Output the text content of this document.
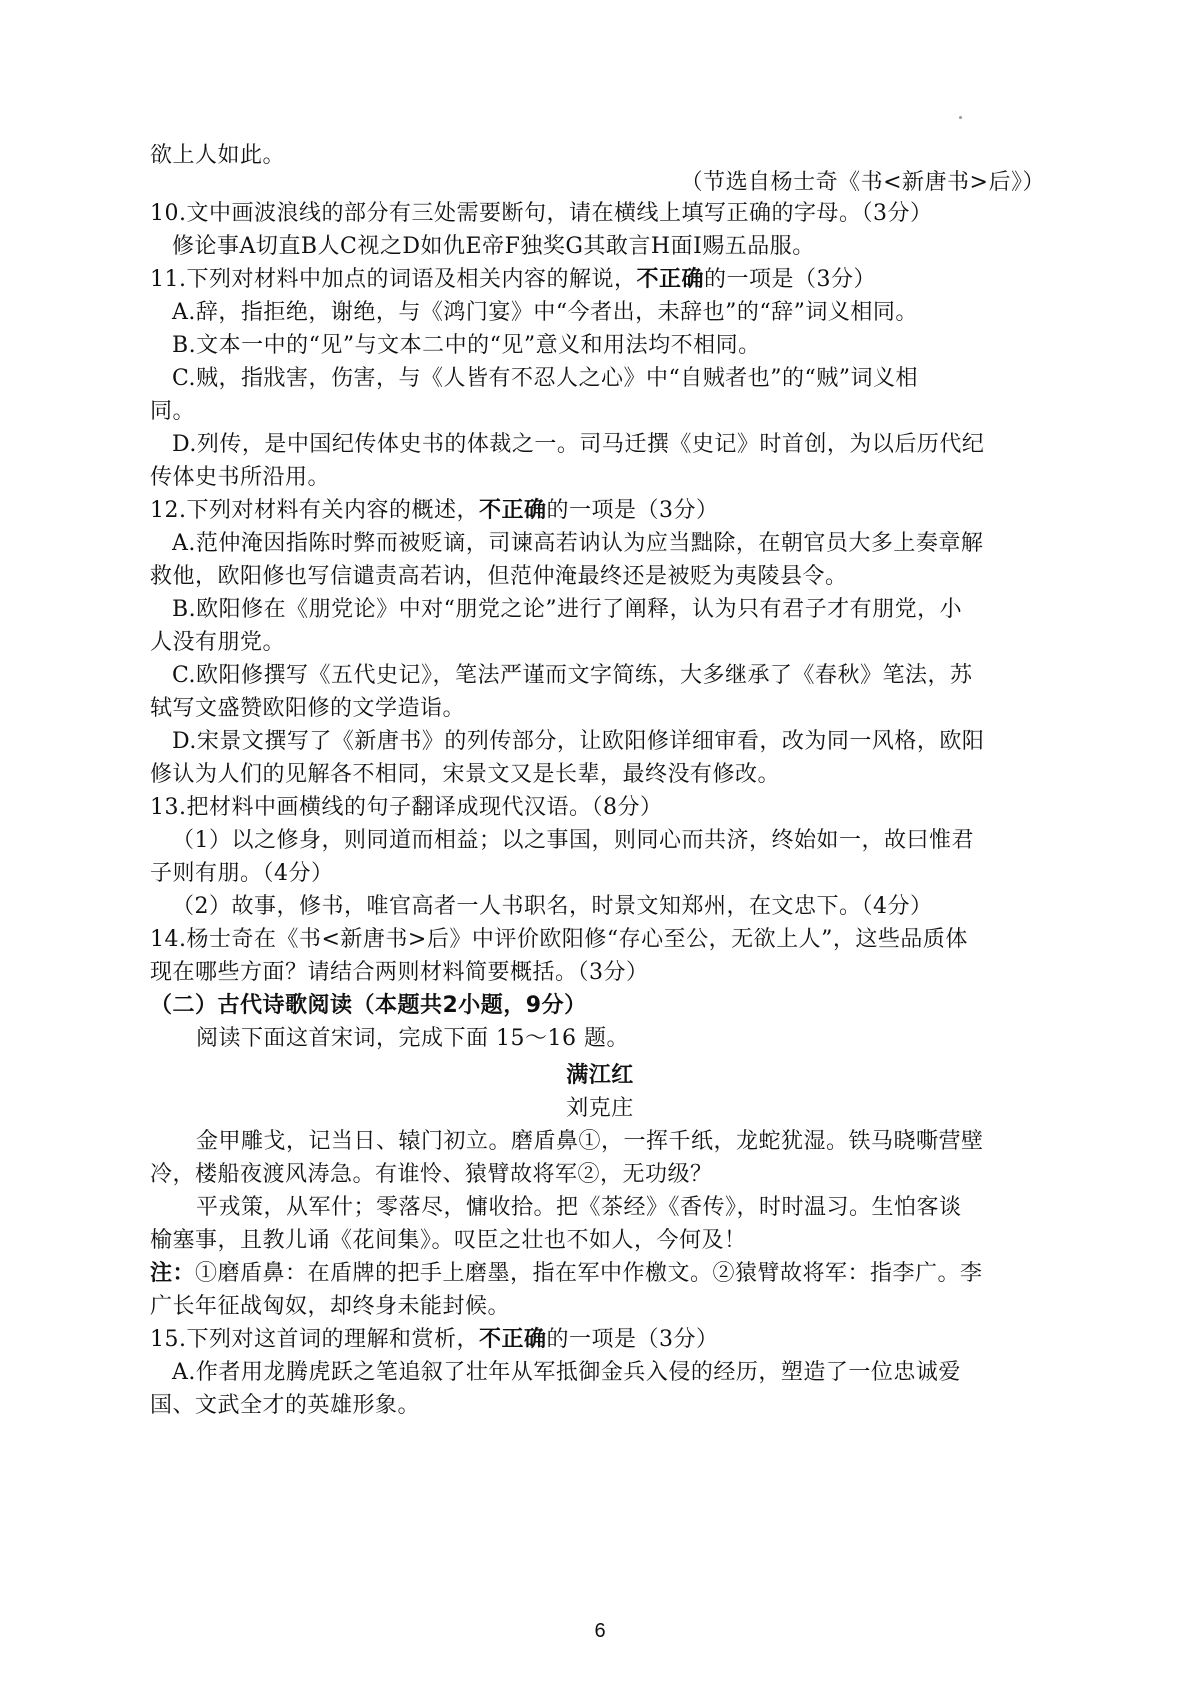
欲上人如此。
（节选自杨士奇《书<新唐书>后》）
10.文中画波浪线的部分有三处需要断句，请在横线上填写正确的字母。（3分）
修论事A切直B人C视之D如仇E帝F独奖G其敢言H面I赐五品服。
11.下列对材料中加点的词语及相关内容的解说，不正确的一项是（3分）
A.辞，指拒绝，谢绝，与《鸿门宴》中“今者出，未辞也”的“辞”词义相同。
B.文本一中的“见”与文本二中的“见”意义和用法均不相同。
C.贼，指戕害，伤害，与《人皆有不忍人之心》中“自贼者也”的“贼”词义相
同。
D.列传，是中国纪传体史书的体裁之一。司马迁撰《史记》时首创，为以后历代纪
传体史书所沿用。
12.下列对材料有关内容的概述，不正确的一项是（3分）
A.范仲淹因指陈时弊而被贬谪，司谏高若讷认为应当黜除，在朝官员大多上奏章解
救他，欧阳修也写信谴责高若讷，但范仲淹最终还是被贬为夷陵县令。
B.欧阳修在《朋党论》中对“朋党之论”进行了阐释，认为只有君子才有朋党，小
人没有朋党。
C.欧阳修撰写《五代史记》，笔法严谨而文字简练，大多继承了《春秋》笔法，苏
轼写文盛赞欧阳修的文学造诣。
D.宋景文撰写了《新唐书》的列传部分，让欧阳修详细审看，改为同一风格，欧阳
修认为人们的见解各不相同，宋景文又是长辈，最终没有修改。
13.把材料中画横线的句子翻译成现代汉语。（8分）
（1）以之修身，则同道而相益；以之事国，则同心而共济，终始如一，故曰惟君
子则有朋。（4分）
（2）故事，修书，唯官高者一人书职名，时景文知郑州，在文忠下。（4分）
14.杨士奇在《书<新唐书>后》中评价欧阳修“存心至公，无欲上人”，这些品质体
现在哪些方面？请结合两则材料简要概括。（3分）
（二）古代诗歌阅读（本题共2小题，9分）
阅读下面这首宋词，完成下面 15～16 题。
满江红
刘克庄
金甲雕戈，记当日、辕门初立。磨盾鼻①，一挥千纸，龙蛇犹湿。铁马晓嘶营壁
冷，楼船夜渡风涛急。有谁怜、猿臂故将军②，无功级？
平戎策，从军什；零落尽，慵收拾。把《茶经》《香传》，时时温习。生怕客谈
榆塞事，且教儿诵《花间集》。叹臣之壮也不如人，今何及！
注：①磨盾鼻：在盾牌的把手上磨墨，指在军中作檄文。②猿臂故将军：指李广。李
广长年征战匈奴，却终身未能封候。
15.下列对这首词的理解和赏析，不正确的一项是（3分）
A.作者用龙腾虎跃之笔追叙了壮年从军抵御金兵入侵的经历，塑造了一位忠诚爱
国、文武全才的英雄形象。
6
